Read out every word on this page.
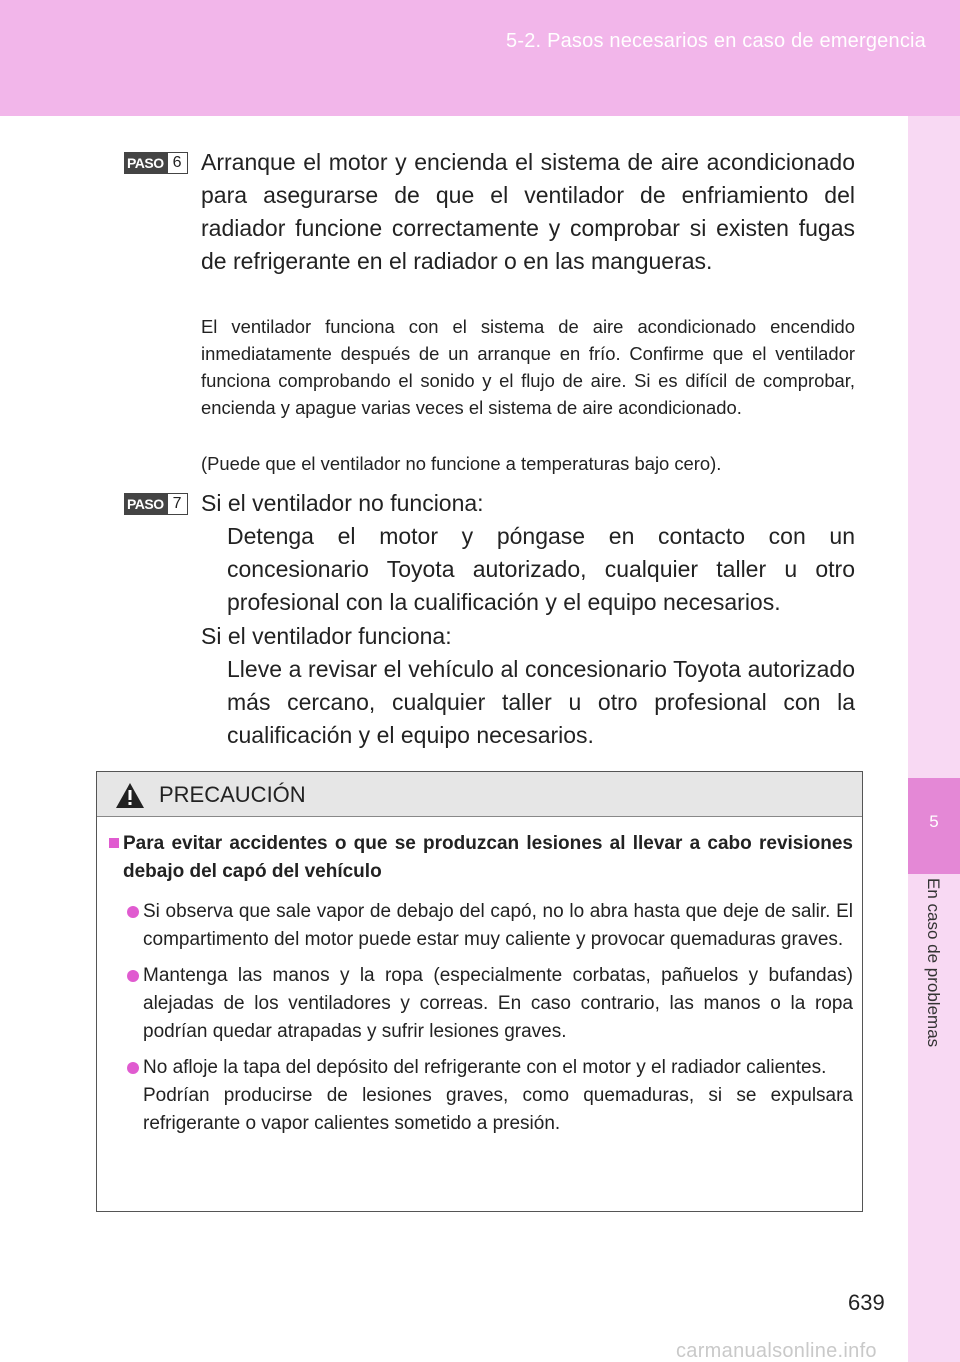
5-2. Pasos necesarios en caso de emergencia
5
En caso de problemas
PASO 6 Arranque el motor y encienda el sistema de aire acondicionado para asegurarse de que el ventilador de enfriamiento del radiador funcione correctamente y comprobar si existen fugas de refrigerante en el radiador o en las mangueras.
El ventilador funciona con el sistema de aire acondicionado encendido inmediatamente después de un arranque en frío. Confirme que el ventilador funciona comprobando el sonido y el flujo de aire. Si es difícil de comprobar, encienda y apague varias veces el sistema de aire acondicionado.
(Puede que el ventilador no funcione a temperaturas bajo cero).
PASO 7 Si el ventilador no funciona:
Detenga el motor y póngase en contacto con un concesionario Toyota autorizado, cualquier taller u otro profesional con la cualificación y el equipo necesarios.
Si el ventilador funciona:
Lleve a revisar el vehículo al concesionario Toyota autorizado más cercano, cualquier taller u otro profesional con la cualificación y el equipo necesarios.
PRECAUCIÓN
Para evitar accidentes o que se produzcan lesiones al llevar a cabo revisiones debajo del capó del vehículo
Si observa que sale vapor de debajo del capó, no lo abra hasta que deje de salir. El compartimento del motor puede estar muy caliente y provocar quemaduras graves.
Mantenga las manos y la ropa (especialmente corbatas, pañuelos y bufandas) alejadas de los ventiladores y correas. En caso contrario, las manos o la ropa podrían quedar atrapadas y sufrir lesiones graves.
No afloje la tapa del depósito del refrigerante con el motor y el radiador calientes.
Podrían producirse de lesiones graves, como quemaduras, si se expulsara refrigerante o vapor calientes sometido a presión.
639
carmanualsonline.info
